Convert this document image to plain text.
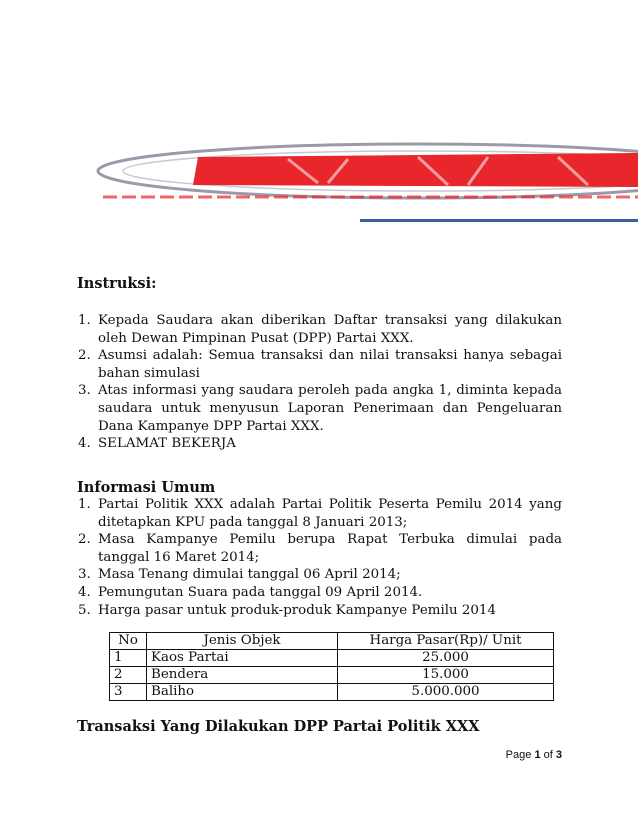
Instruksi:
1. Kepada Saudara akan diberikan Daftar transaksi yang dilakukan oleh Dewan Pimpinan Pusat (DPP) Partai XXX.
2. Asumsi adalah: Semua transaksi dan nilai transaksi hanya sebagai bahan simulasi
3. Atas informasi yang saudara peroleh pada angka 1, diminta kepada saudara untuk menyusun Laporan Penerimaan dan Pengeluaran Dana Kampanye DPP Partai XXX.
4. SELAMAT BEKERJA
Informasi Umum
1. Partai Politik XXX adalah Partai Politik Peserta Pemilu 2014 yang ditetapkan KPU pada tanggal 8 Januari 2013;
2. Masa Kampanye Pemilu berupa Rapat Terbuka dimulai pada tanggal 16 Maret 2014;
3. Masa Tenang dimulai tanggal 06 April 2014;
4. Pemungutan Suara pada tanggal 09 April 2014.
5. Harga pasar untuk produk-produk Kampanye Pemilu 2014
No	Jenis Objek	Harga Pasar(Rp)/ Unit
1	Kaos Partai	25.000
2	Bendera	15.000
3	Baliho	5.000.000
Transaksi Yang Dilakukan DPP Partai Politik XXX
Page 1 of 3
